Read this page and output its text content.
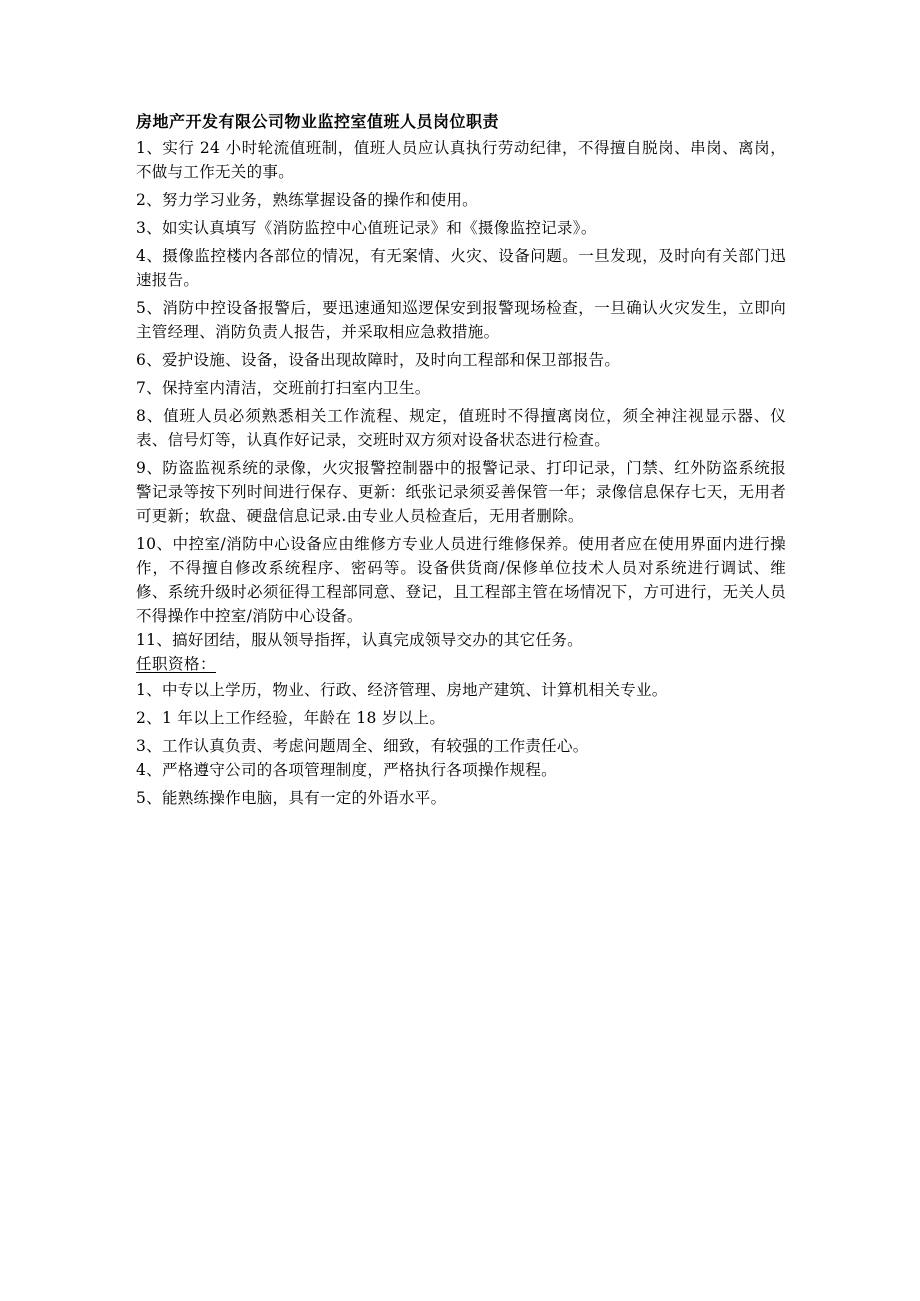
房地产开发有限公司物业监控室值班人员岗位职责

1、实行 24 小时轮流值班制，值班人员应认真执行劳动纪律，不得擅自脱岗、串岗、离岗，不做与工作无关的事。

2、努力学习业务，熟练掌握设备的操作和使用。

3、如实认真填写《消防监控中心值班记录》和《摄像监控记录》。

4、摄像监控楼内各部位的情况，有无案情、火灾、设备问题。一旦发现，及时向有关部门迅速报告。

5、消防中控设备报警后，要迅速通知巡逻保安到报警现场检查，一旦确认火灾发生，立即向主管经理、消防负责人报告，并采取相应急救措施。

6、爱护设施、设备，设备出现故障时，及时向工程部和保卫部报告。

7、保持室内清洁，交班前打扫室内卫生。

8、值班人员必须熟悉相关工作流程、规定，值班时不得擅离岗位，须全神注视显示器、仪表、信号灯等，认真作好记录，交班时双方须对设备状态进行检查。

9、防盗监视系统的录像，火灾报警控制器中的报警记录、打印记录，门禁、红外防盗系统报警记录等按下列时间进行保存、更新：纸张记录须妥善保管一年；录像信息保存七天，无用者可更新；软盘、硬盘信息记录.由专业人员检查后，无用者删除。

10、中控室/消防中心设备应由维修方专业人员进行维修保养。使用者应在使用界面内进行操作，不得擅自修改系统程序、密码等。设备供货商/保修单位技术人员对系统进行调试、维修、系统升级时必须征得工程部同意、登记，且工程部主管在场情况下，方可进行，无关人员不得操作中控室/消防中心设备。

11、搞好团结，服从领导指挥，认真完成领导交办的其它任务。

任职资格：

1、中专以上学历，物业、行政、经济管理、房地产建筑、计算机相关专业。

2、1 年以上工作经验，年龄在 18 岁以上。

3、工作认真负责、考虑问题周全、细致，有较强的工作责任心。

4、严格遵守公司的各项管理制度，严格执行各项操作规程。

5、能熟练操作电脑，具有一定的外语水平。
